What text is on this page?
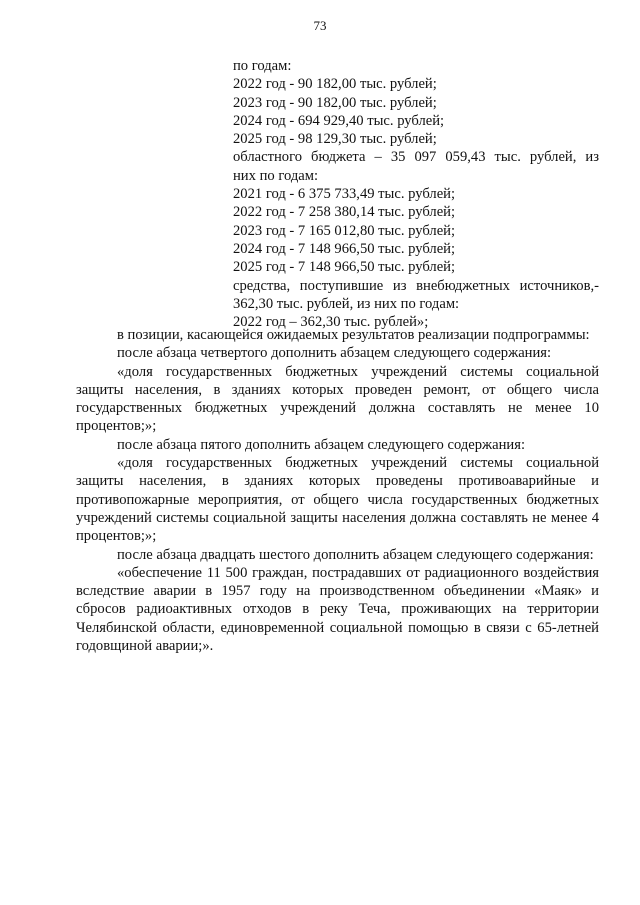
73
по годам:
2022 год - 90 182,00 тыс. рублей;
2023 год - 90 182,00 тыс. рублей;
2024 год - 694 929,40 тыс. рублей;
2025 год - 98 129,30 тыс. рублей;
областного бюджета – 35 097 059,43 тыс. рублей, из
них по годам:
2021 год - 6 375 733,49 тыс. рублей;
2022 год - 7 258 380,14 тыс. рублей;
2023 год - 7 165 012,80 тыс. рублей;
2024 год - 7 148 966,50 тыс. рублей;
2025 год - 7 148 966,50 тыс. рублей;
средства, поступившие из внебюджетных источников,-
362,30 тыс. рублей, из них по годам:
2022 год – 362,30 тыс. рублей»;
в позиции, касающейся ожидаемых результатов реализации подпрограммы:
после абзаца четвертого дополнить абзацем следующего содержания:
«доля государственных бюджетных учреждений системы социальной защиты населения, в зданиях которых проведен ремонт, от общего числа государственных бюджетных учреждений должна составлять не менее 10 процентов;»;
после абзаца пятого дополнить абзацем следующего содержания:
«доля государственных бюджетных учреждений системы социальной защиты населения, в зданиях которых проведены противоаварийные и противопожарные мероприятия, от общего числа государственных бюджетных учреждений системы социальной защиты населения должна составлять не менее 4 процентов;»;
после абзаца двадцать шестого дополнить абзацем следующего содержания:
«обеспечение 11 500 граждан, пострадавших от радиационного воздействия вследствие аварии в 1957 году на производственном объединении «Маяк» и сбросов радиоактивных отходов в реку Теча, проживающих на территории Челябинской области, единовременной социальной помощью в связи с 65-летней годовщиной аварии;».
